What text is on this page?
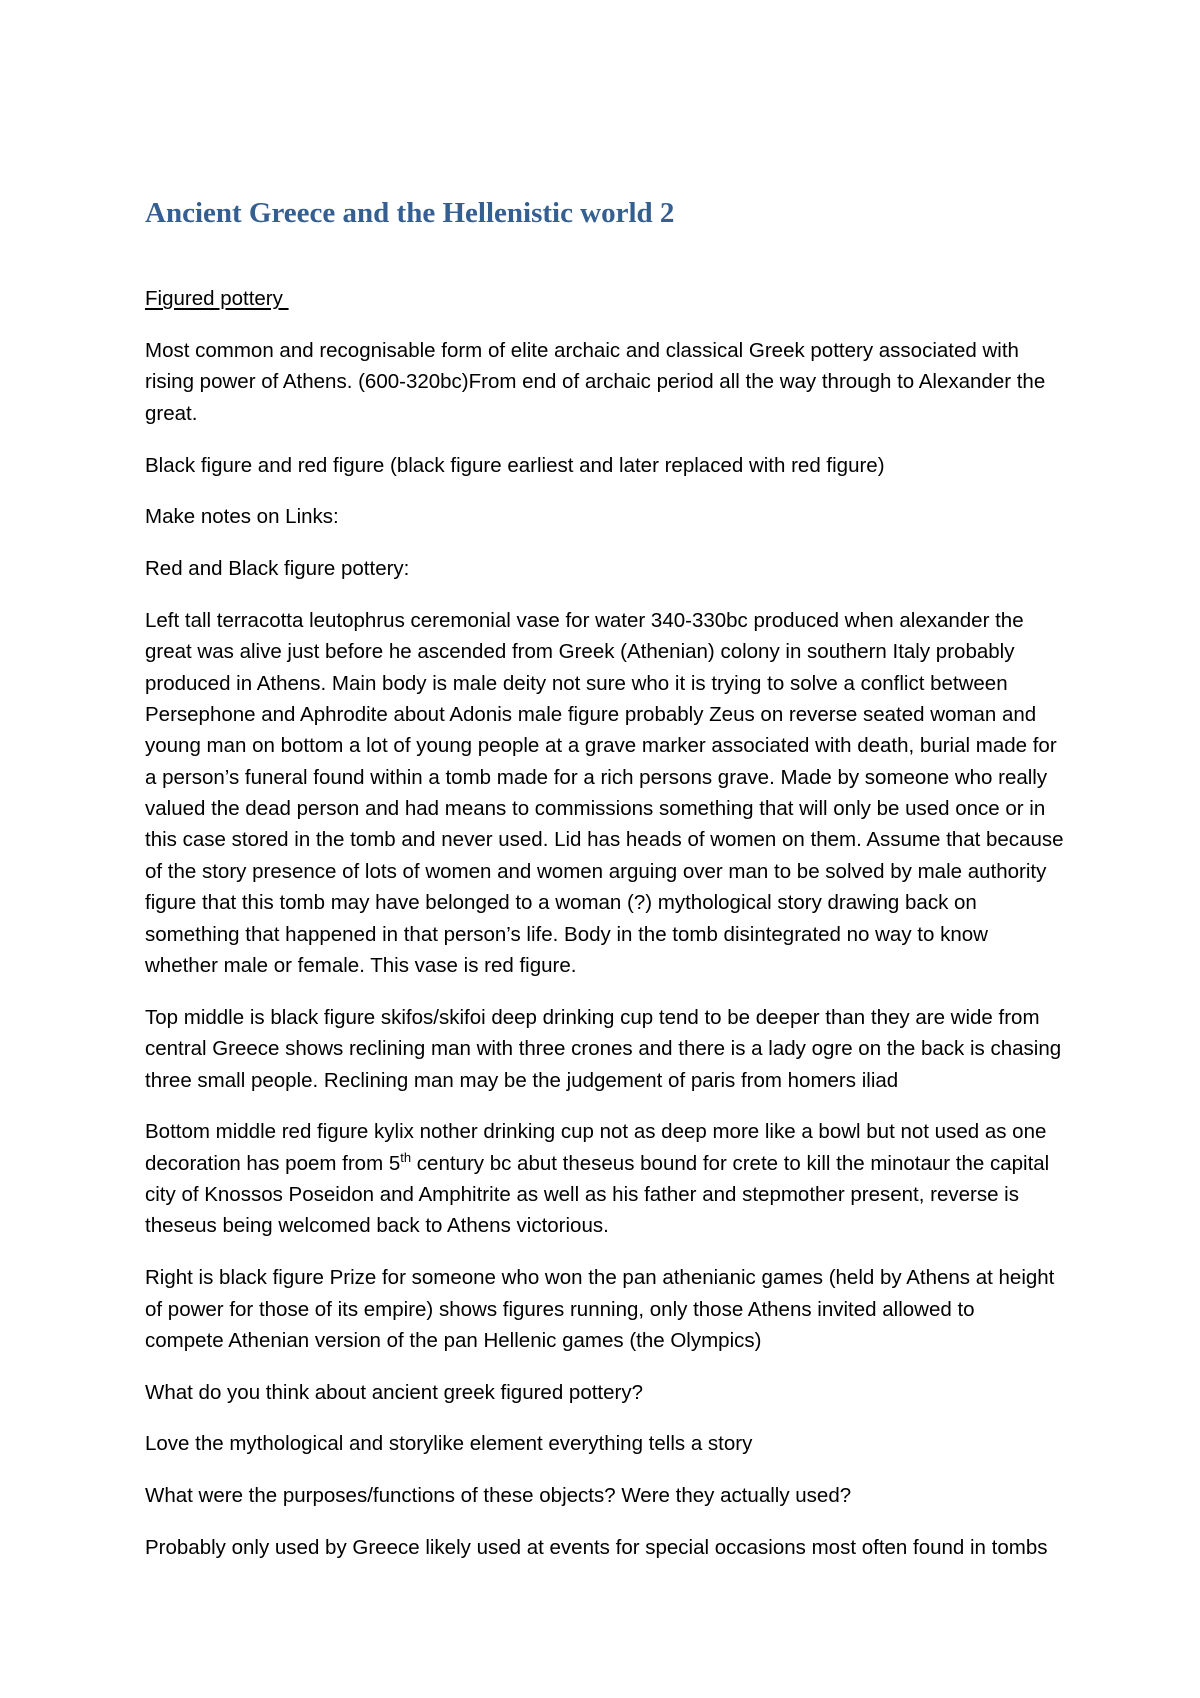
Ancient Greece and the Hellenistic world 2
Figured pottery
Most common and recognisable form of elite archaic and classical Greek pottery associated with
rising power of Athens. (600-320bc)From end of archaic period all the way through to Alexander the
great.
Black figure and red figure (black figure earliest and later replaced with red figure)
Make notes on Links:
Red and Black figure pottery:
Left tall terracotta leutophrus ceremonial vase for water 340-330bc produced when alexander the
great was alive just before he ascended from Greek (Athenian) colony in southern Italy probably
produced in Athens. Main body is male deity not sure who it is trying to solve a conflict between
Persephone and Aphrodite about Adonis male figure probably Zeus on reverse seated woman and
young man on bottom a lot of young people at a grave marker associated with death, burial made for
a person’s funeral found within a tomb made for a rich persons grave. Made by someone who really
valued the dead person and had means to commissions something that will only be used once or in
this case stored in the tomb and never used. Lid has heads of women on them. Assume that because
of the story presence of lots of women and women arguing over man to be solved by male authority
figure that this tomb may have belonged to a woman (?) mythological story drawing back on
something that happened in that person’s life. Body in the tomb disintegrated no way to know
whether male or female. This vase is red figure.
Top middle is black figure skifos/skifoi deep drinking cup tend to be deeper than they are wide from
central Greece shows reclining man with three crones and there is a lady ogre on the back is chasing
three small people. Reclining man may be the judgement of paris from homers iliad
Bottom middle red figure kylix nother drinking cup not as deep more like a bowl but not used as one
decoration has poem from 5th century bc abut theseus bound for crete to kill the minotaur the capital
city of Knossos Poseidon and Amphitrite as well as his father and stepmother present, reverse is
theseus being welcomed back to Athens victorious.
Right is black figure Prize for someone who won the pan athenianic games (held by Athens at height
of power for those of its empire) shows figures running, only those Athens invited allowed to
compete Athenian version of the pan Hellenic games (the Olympics)
What do you think about ancient greek figured pottery?
Love the mythological and storylike element everything tells a story
What were the purposes/functions of these objects? Were they actually used?
Probably only used by Greece likely used at events for special occasions most often found in tombs
